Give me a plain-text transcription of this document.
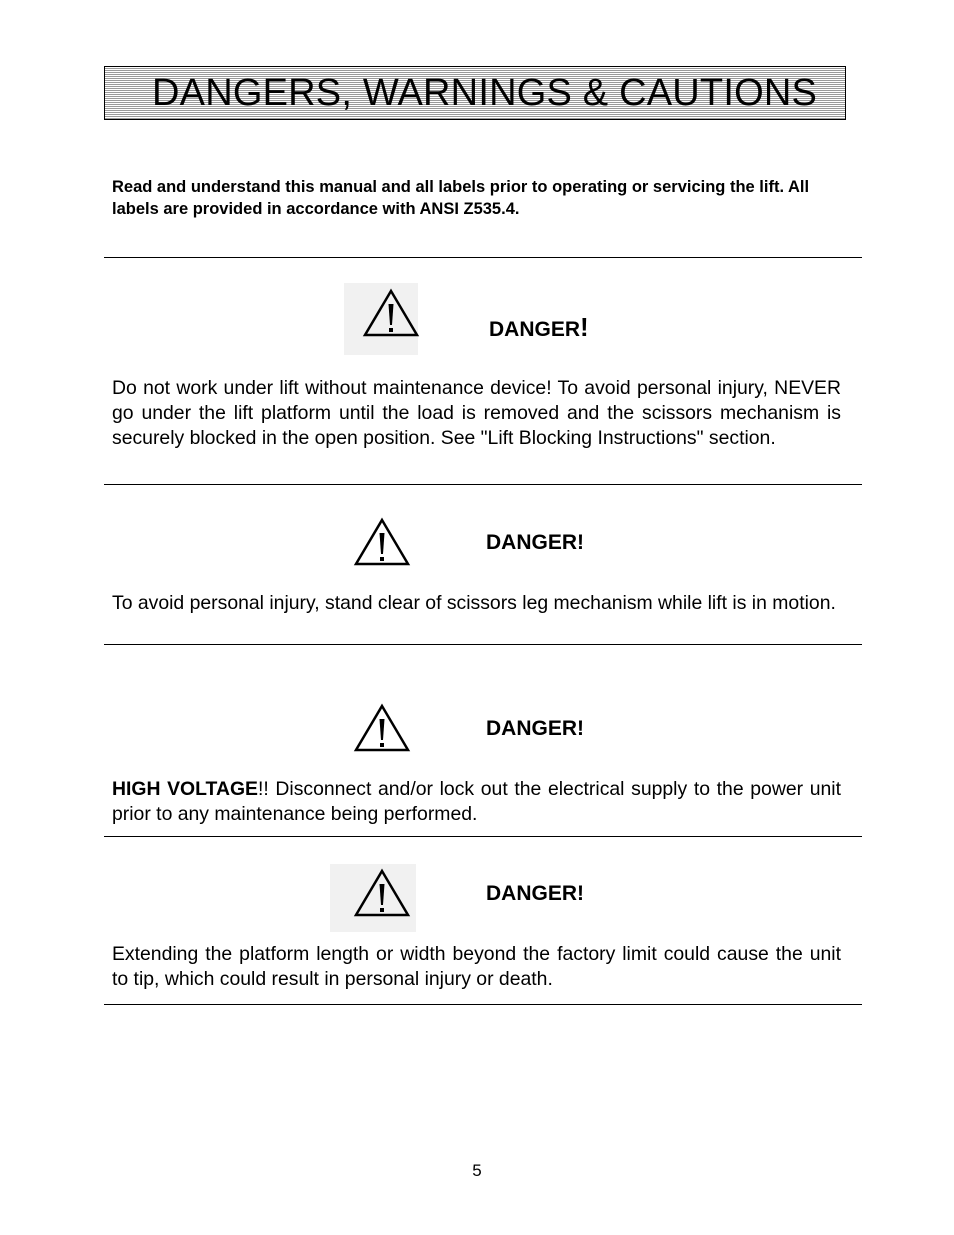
DANGERS, WARNINGS & CAUTIONS

Read and understand this manual and all labels prior to operating or servicing the lift. All labels are provided in accordance with ANSI Z535.4.

DANGER!

Do not work under lift without maintenance device! To avoid personal injury, NEVER go under the lift platform until the load is removed and the scissors mechanism is securely blocked in the open position. See "Lift Blocking Instructions" section.

DANGER!

To avoid personal injury, stand clear of scissors leg mechanism while lift is in motion.

DANGER!

HIGH VOLTAGE!! Disconnect and/or lock out the electrical supply to the power unit prior to any maintenance being performed.

DANGER!

Extending the platform length or width beyond the factory limit could cause the unit to tip, which could result in personal injury or death.

5
